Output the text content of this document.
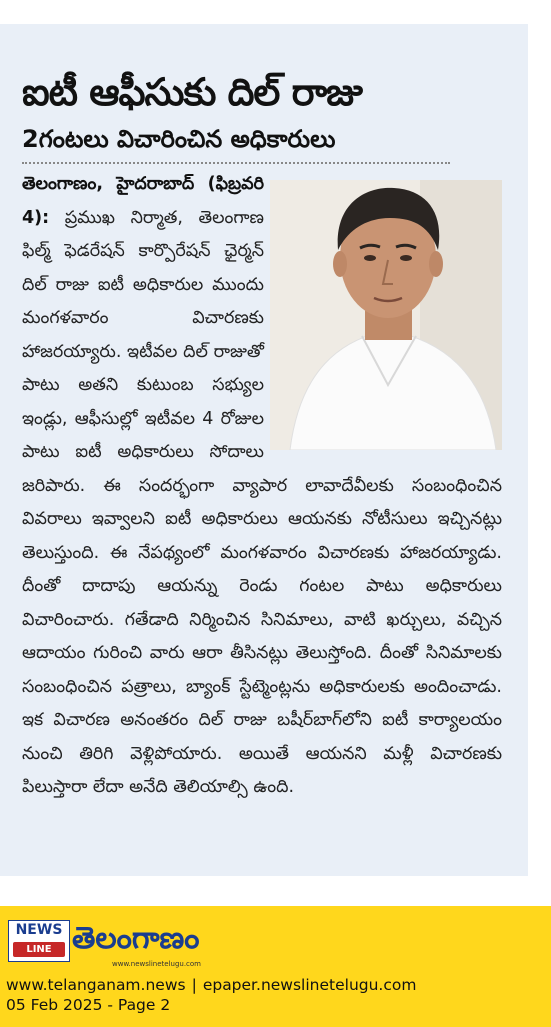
ఐటీ ఆఫీసుకు దిల్ రాజు
2గంటలు విచారించిన అధికారులు

తెలంగాణం, హైదరాబాద్ (ఫిబ్రవరి 4): ప్రముఖ నిర్మాత, తెలంగాణ ఫిల్మ్ ఫెడరేషన్ కార్పొరేషన్ ఛైర్మన్ దిల్ రాజు ఐటీ అధికారుల ముందు మంగళవారం విచారణకు హాజరయ్యారు. ఇటీవల దిల్ రాజుతో పాటు అతని కుటుంబ సభ్యుల ఇండ్లు, ఆఫీసుల్లో ఇటీవల 4 రోజుల పాటు ఐటీ అధికారులు సోదాలు జరిపారు. ఈ సందర్భంగా వ్యాపార లావాదేవీలకు సంబంధించిన వివరాలు ఇవ్వాలని ఐటీ అధికారులు ఆయనకు నోటీసులు ఇచ్చినట్లు తెలుస్తుంది. ఈ నేపథ్యంలో మంగళవారం విచారణకు హాజరయ్యాడు. దీంతో దాదాపు ఆయన్ను రెండు గంటల పాటు అధికారులు విచారించారు. గతేడాది నిర్మించిన సినిమాలు, వాటి ఖర్చులు, వచ్చిన ఆదాయం గురించి వారు ఆరా తీసినట్లు తెలుస్తోంది. దీంతో సినిమాలకు సంబంధించిన పత్రాలు, బ్యాంక్ స్టేట్మెంట్లను అధికారులకు అందించాడు. ఇక విచారణ అనంతరం దిల్ రాజు బషీర్‌బాగ్‌లోని ఐటీ కార్యాలయం నుంచి తిరిగి వెళ్లిపోయారు. అయితే ఆయనని మళ్లీ విచారణకు పిలుస్తారా లేదా అనేది తెలియాల్సి ఉంది.

NEWS
LINE తెలంగాణం
www.newslinetelugu.com
www.telanganam.news | epaper.newslinetelugu.com
05 Feb 2025 - Page 2
